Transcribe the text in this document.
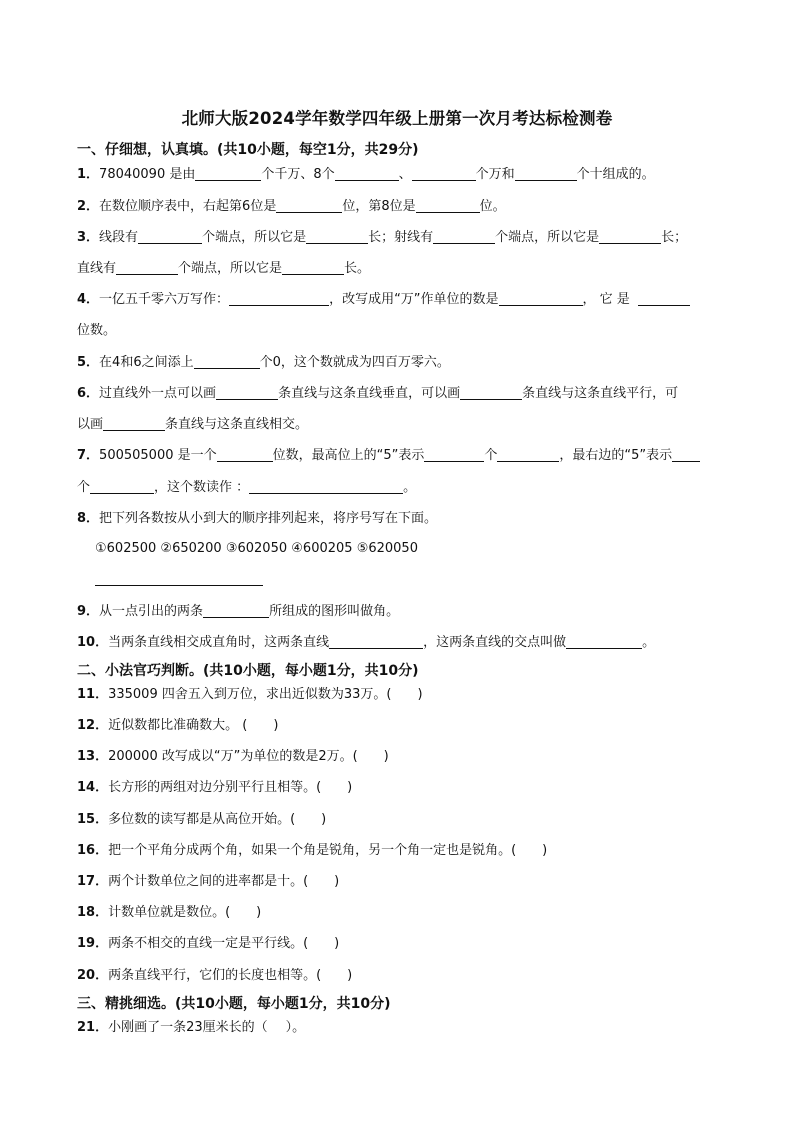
北师大版2024学年数学四年级上册第一次月考达标检测卷
一、仔细想，认真填。(共10小题，每空1分，共29分)
1．78040090 是由	个千万、8个	、	个万和	个十组成的。
2．在数位顺序表中，右起第6位是	位，第8位是	位。
3．线段有	个端点，所以它是	长；射线有	个端点，所以它是	长；
直线有	个端点，所以它是	长。
4．一亿五千零六万写作：	，改写成用“万”作单位的数是	， 它 是
位数。
5．在4和6之间添上	个0，这个数就成为四百万零六。
6．过直线外一点可以画	条直线与这条直线垂直，可以画	条直线与这条直线平行，可
以画	条直线与这条直线相交。
7．500505000 是一个	位数，最高位上的“5”表示	个	，最右边的“5”表示
个	，这个数读作 ：	。
8．把下列各数按从小到大的顺序排列起来，将序号写在下面。
①602500 ②650200 ③602050 ④600205 ⑤620050
9．从一点引出的两条	所组成的图形叫做角。
10．当两条直线相交成直角时，这两条直线	，这两条直线的交点叫做	。
二、小法官巧判断。(共10小题，每小题1分，共10分)
11．335009 四舍五入到万位，求出近似数为33万。( )
12．近似数都比准确数大。 ( )
13．200000 改写成以“万”为单位的数是2万。( )
14．长方形的两组对边分别平行且相等。( )
15．多位数的读写都是从高位开始。( )
16．把一个平角分成两个角，如果一个角是锐角，另一个角一定也是锐角。( )
17．两个计数单位之间的进率都是十。( )
18．计数单位就是数位。( )
19．两条不相交的直线一定是平行线。( )
20．两条直线平行，它们的长度也相等。( )
三、精挑细选。(共10小题，每小题1分，共10分)
21．小刚画了一条23厘米长的（ ）。
